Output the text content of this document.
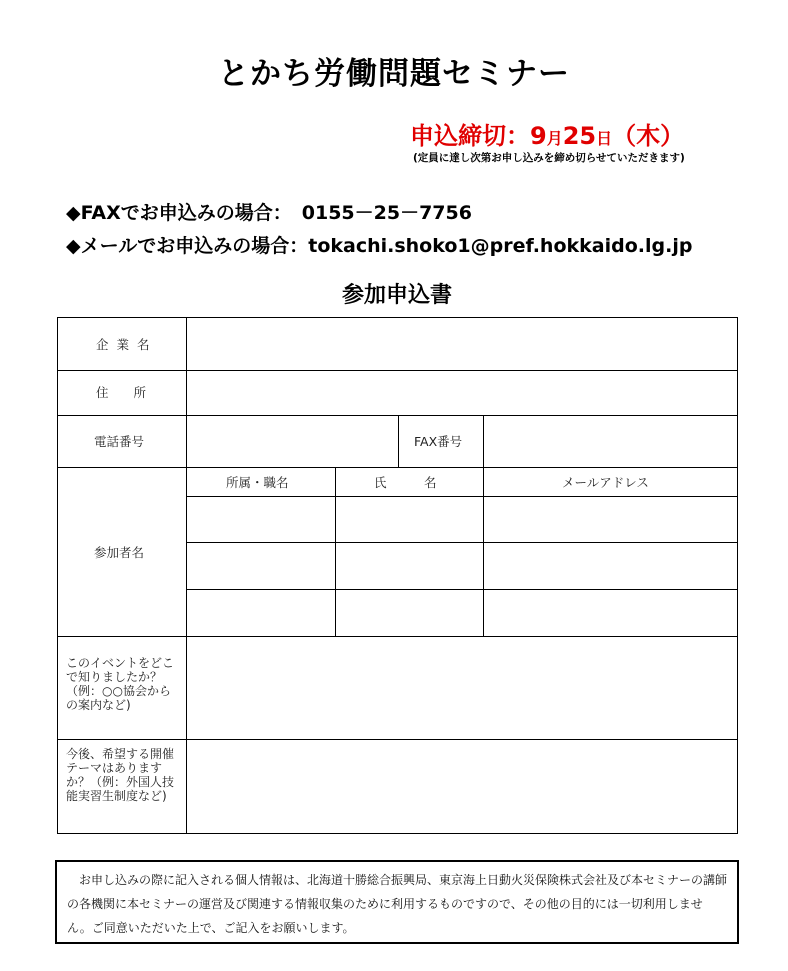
とかち労働問題セミナー
申込締切：9月25日（木）
(定員に達し次第お申し込みを締め切らせていただきます)
◆FAXでお申込みの場合： 0155－25－7756
◆メールでお申込みの場合：tokachi.shoko1@pref.hokkaido.lg.jp
参加申込書
企 業 名
住　　所
電話番号	FAX番号
参加者名
所属・職名	氏　　　名	メールアドレス
このイベントをどこで知りましたか？（例：○○協会からの案内など)
今後、希望する開催テーマはありますか？（例：外国人技能実習生制度など)
　お申し込みの際に記入される個人情報は、北海道十勝総合振興局、東京海上日動火災保険株式会社及び本セミナーの講師の各機関に本セミナーの運営及び関連する情報収集のために利用するものですので、その他の目的には一切利用しません。ご同意いただいた上で、ご記入をお願いします。
